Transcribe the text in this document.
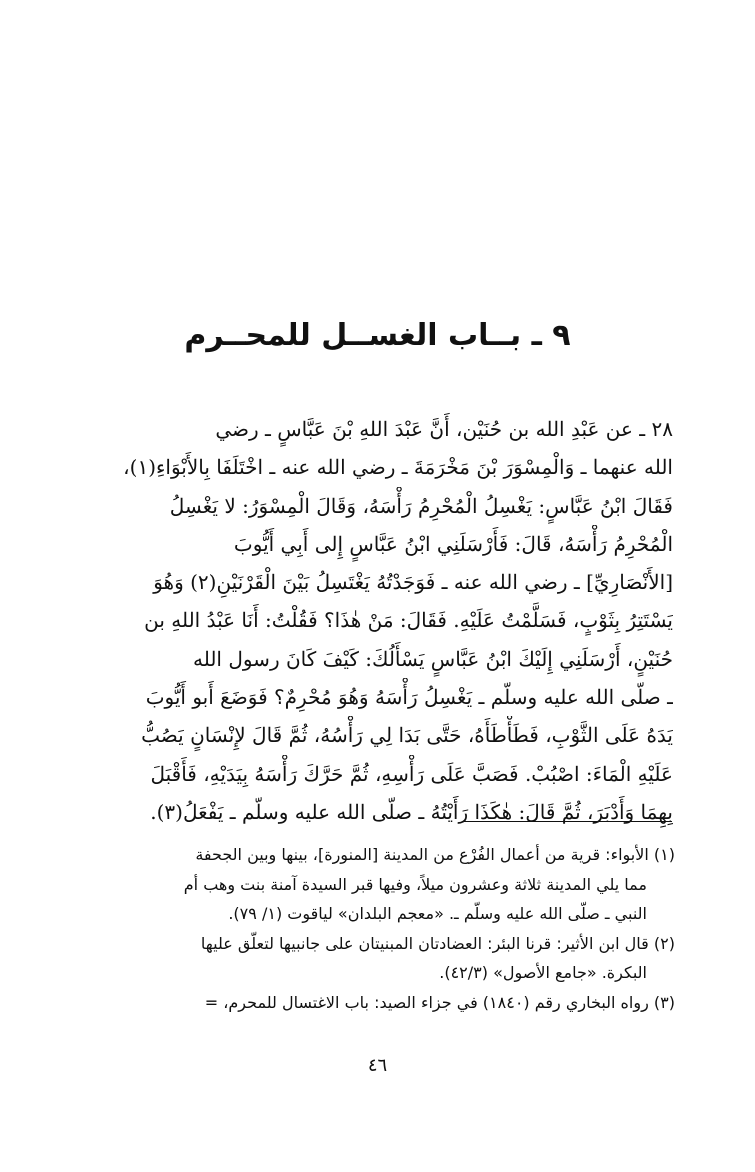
٩ ـ بــاب الغســل للمحــرم
٢٨ ـ عن عَبْدِ الله بن حُنَيْن، أَنَّ عَبْدَ اللهِ بْنَ عَبَّاسٍ ـ رضي
الله عنهما ـ وَالْمِسْوَرَ بْنَ مَخْرَمَةَ ـ رضي الله عنه ـ اخْتَلَفَا بِالأَبْوَاءِ(١)،
فَقَالَ ابْنُ عَبَّاسٍ: يَغْسِلُ الْمُحْرِمُ رَأْسَهُ، وَقَالَ الْمِسْوَرُ: لا يَغْسِلُ
الْمُحْرِمُ رَأْسَهُ، قَالَ: فَأَرْسَلَنِي ابْنُ عَبَّاسٍ إِلى أَبِي أَيُّوبَ
[الأَنْصَارِيِّ] ـ رضي الله عنه ـ فَوَجَدْتُهُ يَغْتَسِلُ بَيْنَ الْقَرْنَيْنِ(٢) وَهُوَ
يَسْتَتِرُ بِثَوْبٍ، فَسَلَّمْتُ عَلَيْهِ. فَقَالَ: مَنْ هٰذَا؟ فَقُلْتُ: أَنَا عَبْدُ اللهِ بن
حُنَيْنٍ، أَرْسَلَنِي إِلَيْكَ ابْنُ عَبَّاسٍ يَسْأَلُكَ: كَيْفَ كَانَ رسول الله
ـ صلّى الله عليه وسلّم ـ يَغْسِلُ رَأْسَهُ وَهُوَ مُحْرِمٌ؟ فَوَضَعَ أَبو أَيُّوبَ
يَدَهُ عَلَى الثَّوْبِ، فَطَأْطَأَهُ، حَتَّى بَدَا لِي رَأْسُهُ، ثُمَّ قَالَ لإِنْسَانٍ يَصُبُّ
عَلَيْهِ الْمَاءَ: اصْبُبْ. فَصَبَّ عَلَى رَأْسِهِ، ثُمَّ حَرَّكَ رَأْسَهُ بِيَدَيْهِ، فَأَقْبَلَ
بِهِمَا وَأَدْبَرَ، ثُمَّ قَالَ: هٰكَذَا رَأَيْتُهُ ـ صلّى الله عليه وسلّم ـ يَفْعَلُ(٣).
(١) الأبواء: قرية من أعمال الفُرْع من المدينة [المنورة]، بينها وبين الجحفة
مما يلي المدينة ثلاثة وعشرون ميلاً، وفيها قبر السيدة آمنة بنت وهب أم
النبي ـ صلّى الله عليه وسلّم ـ. «معجم البلدان» لياقوت (١/ ٧٩).
(٢) قال ابن الأثير: قرنا البئر: العضادتان المبنيتان على جانبيها لتعلّق عليها
البكرة. «جامع الأصول» (٤٢/٣).
(٣) رواه البخاري رقم (١٨٤٠) في جزاء الصيد: باب الاغتسال للمحرم، =
٤٦
